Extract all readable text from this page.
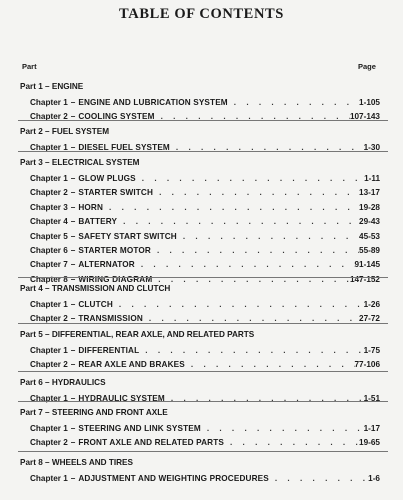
TABLE OF CONTENTS
Part	Page
Part 1 – ENGINE
Chapter 1 – ENGINE AND LUBRICATION SYSTEM . . .	1-105
Chapter 2 – COOLING SYSTEM . . .	107-143
Part 2 – FUEL SYSTEM
Chapter 1 – DIESEL FUEL SYSTEM . . .	1-30
Part 3 – ELECTRICAL SYSTEM
Chapter 1 – GLOW PLUGS . . .	1-11
Chapter 2 – STARTER SWITCH . . .	13-17
Chapter 3 – HORN . . .	19-28
Chapter 4 – BATTERY . . .	29-43
Chapter 5 – SAFETY START SWITCH . . .	45-53
Chapter 6 – STARTER MOTOR . . .	55-89
Chapter 7 – ALTERNATOR . . .	91-145
Chapter 8 – WIRING DIAGRAM . . .	147-152
Part 4 – TRANSMISSION AND CLUTCH
Chapter 1 – CLUTCH . . .	1-26
Chapter 2 – TRANSMISSION . . .	27-72
Part 5 – DIFFERENTIAL, REAR AXLE, AND RELATED PARTS
Chapter 1 – DIFFERENTIAL . . .	1-75
Chapter 2 – REAR AXLE AND BRAKES . . .	77-106
Part 6 – HYDRAULICS
Chapter 1 – HYDRAULIC SYSTEM . . .	1-51
Part 7 – STEERING AND FRONT AXLE
Chapter 1 – STEERING AND LINK SYSTEM . . .	1-17
Chapter 2 – FRONT AXLE AND RELATED PARTS . . .	19-65
Part 8 – WHEELS AND TIRES
Chapter 1 – ADJUSTMENT AND WEIGHTING PROCEDURES . . .	1-6
